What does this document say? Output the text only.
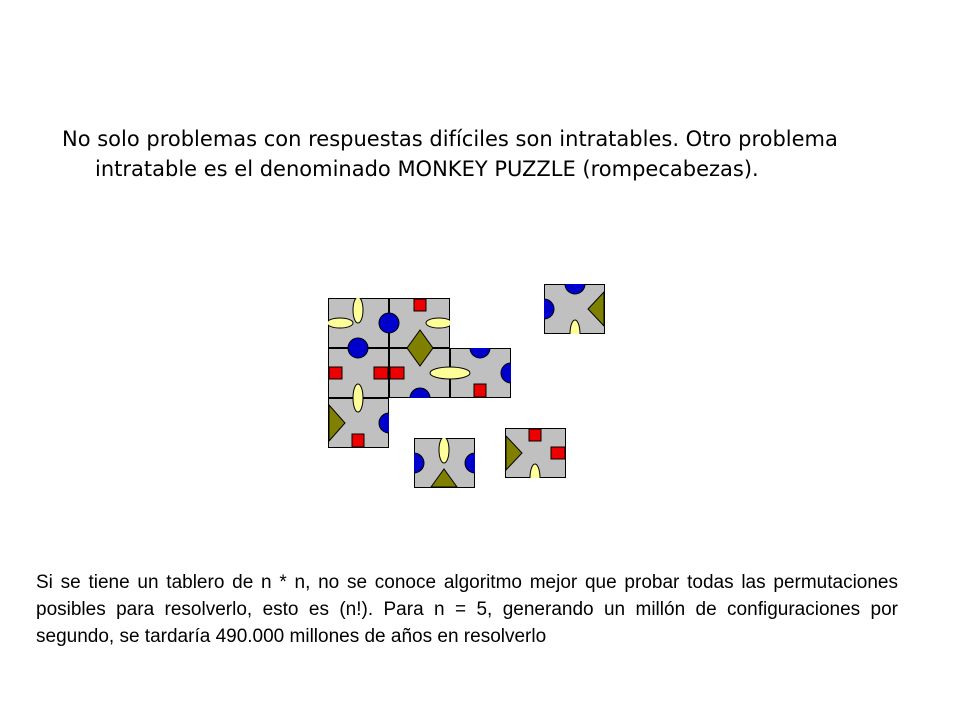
No solo problemas con respuestas difíciles son intratables. Otro problema intratable es el denominado MONKEY PUZZLE (rompecabezas).

Si se tiene un tablero de n * n, no se conoce algoritmo mejor que probar todas las permutaciones posibles para resolverlo, esto es (n!). Para n = 5, generando un millón de configuraciones por segundo, se tardaría 490.000 millones de años en resolverlo
